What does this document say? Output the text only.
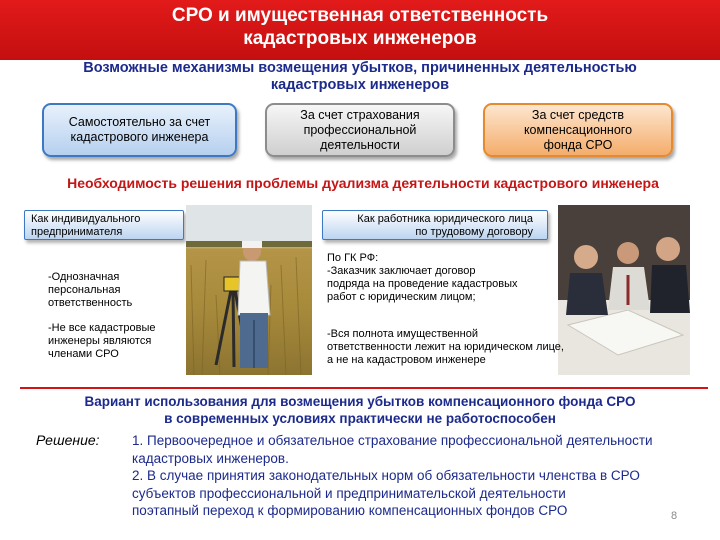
СРО и имущественная ответственность
кадастровых инженеров
Возможные механизмы возмещения убытков, причиненных деятельностью
кадастровых инженеров
Самостоятельно за счет
кадастрового инженера
За счет страхования
профессиональной
деятельности
За счет средств
компенсационного
фонда СРО
Необходимость решения проблемы дуализма деятельности кадастрового инженера
Как индивидуального
предпринимателя
Как работника юридического лица
по трудовому договору
-Однозначная
персональная
ответственность
-Не все кадастровые
инженеры являются
членами СРО
По ГК РФ:
-Заказчик заключает договор
подряда на проведение кадастровых
работ с юридическим лицом;
-Вся полнота имущественной
ответственности лежит на юридическом лице,
а не на кадастровом инженере
Вариант использования для возмещения убытков компенсационного фонда СРО
в современных условиях практически не работоспособен
Решение: 1. Первоочередное и обязательное страхование профессиональной деятельности
кадастровых инженеров.
2. В случае принятия законодательных норм об обязательности членства в СРО
субъектов профессиональной и предпринимательской деятельности
поэтапный переход к формированию компенсационных фондов СРО	8
